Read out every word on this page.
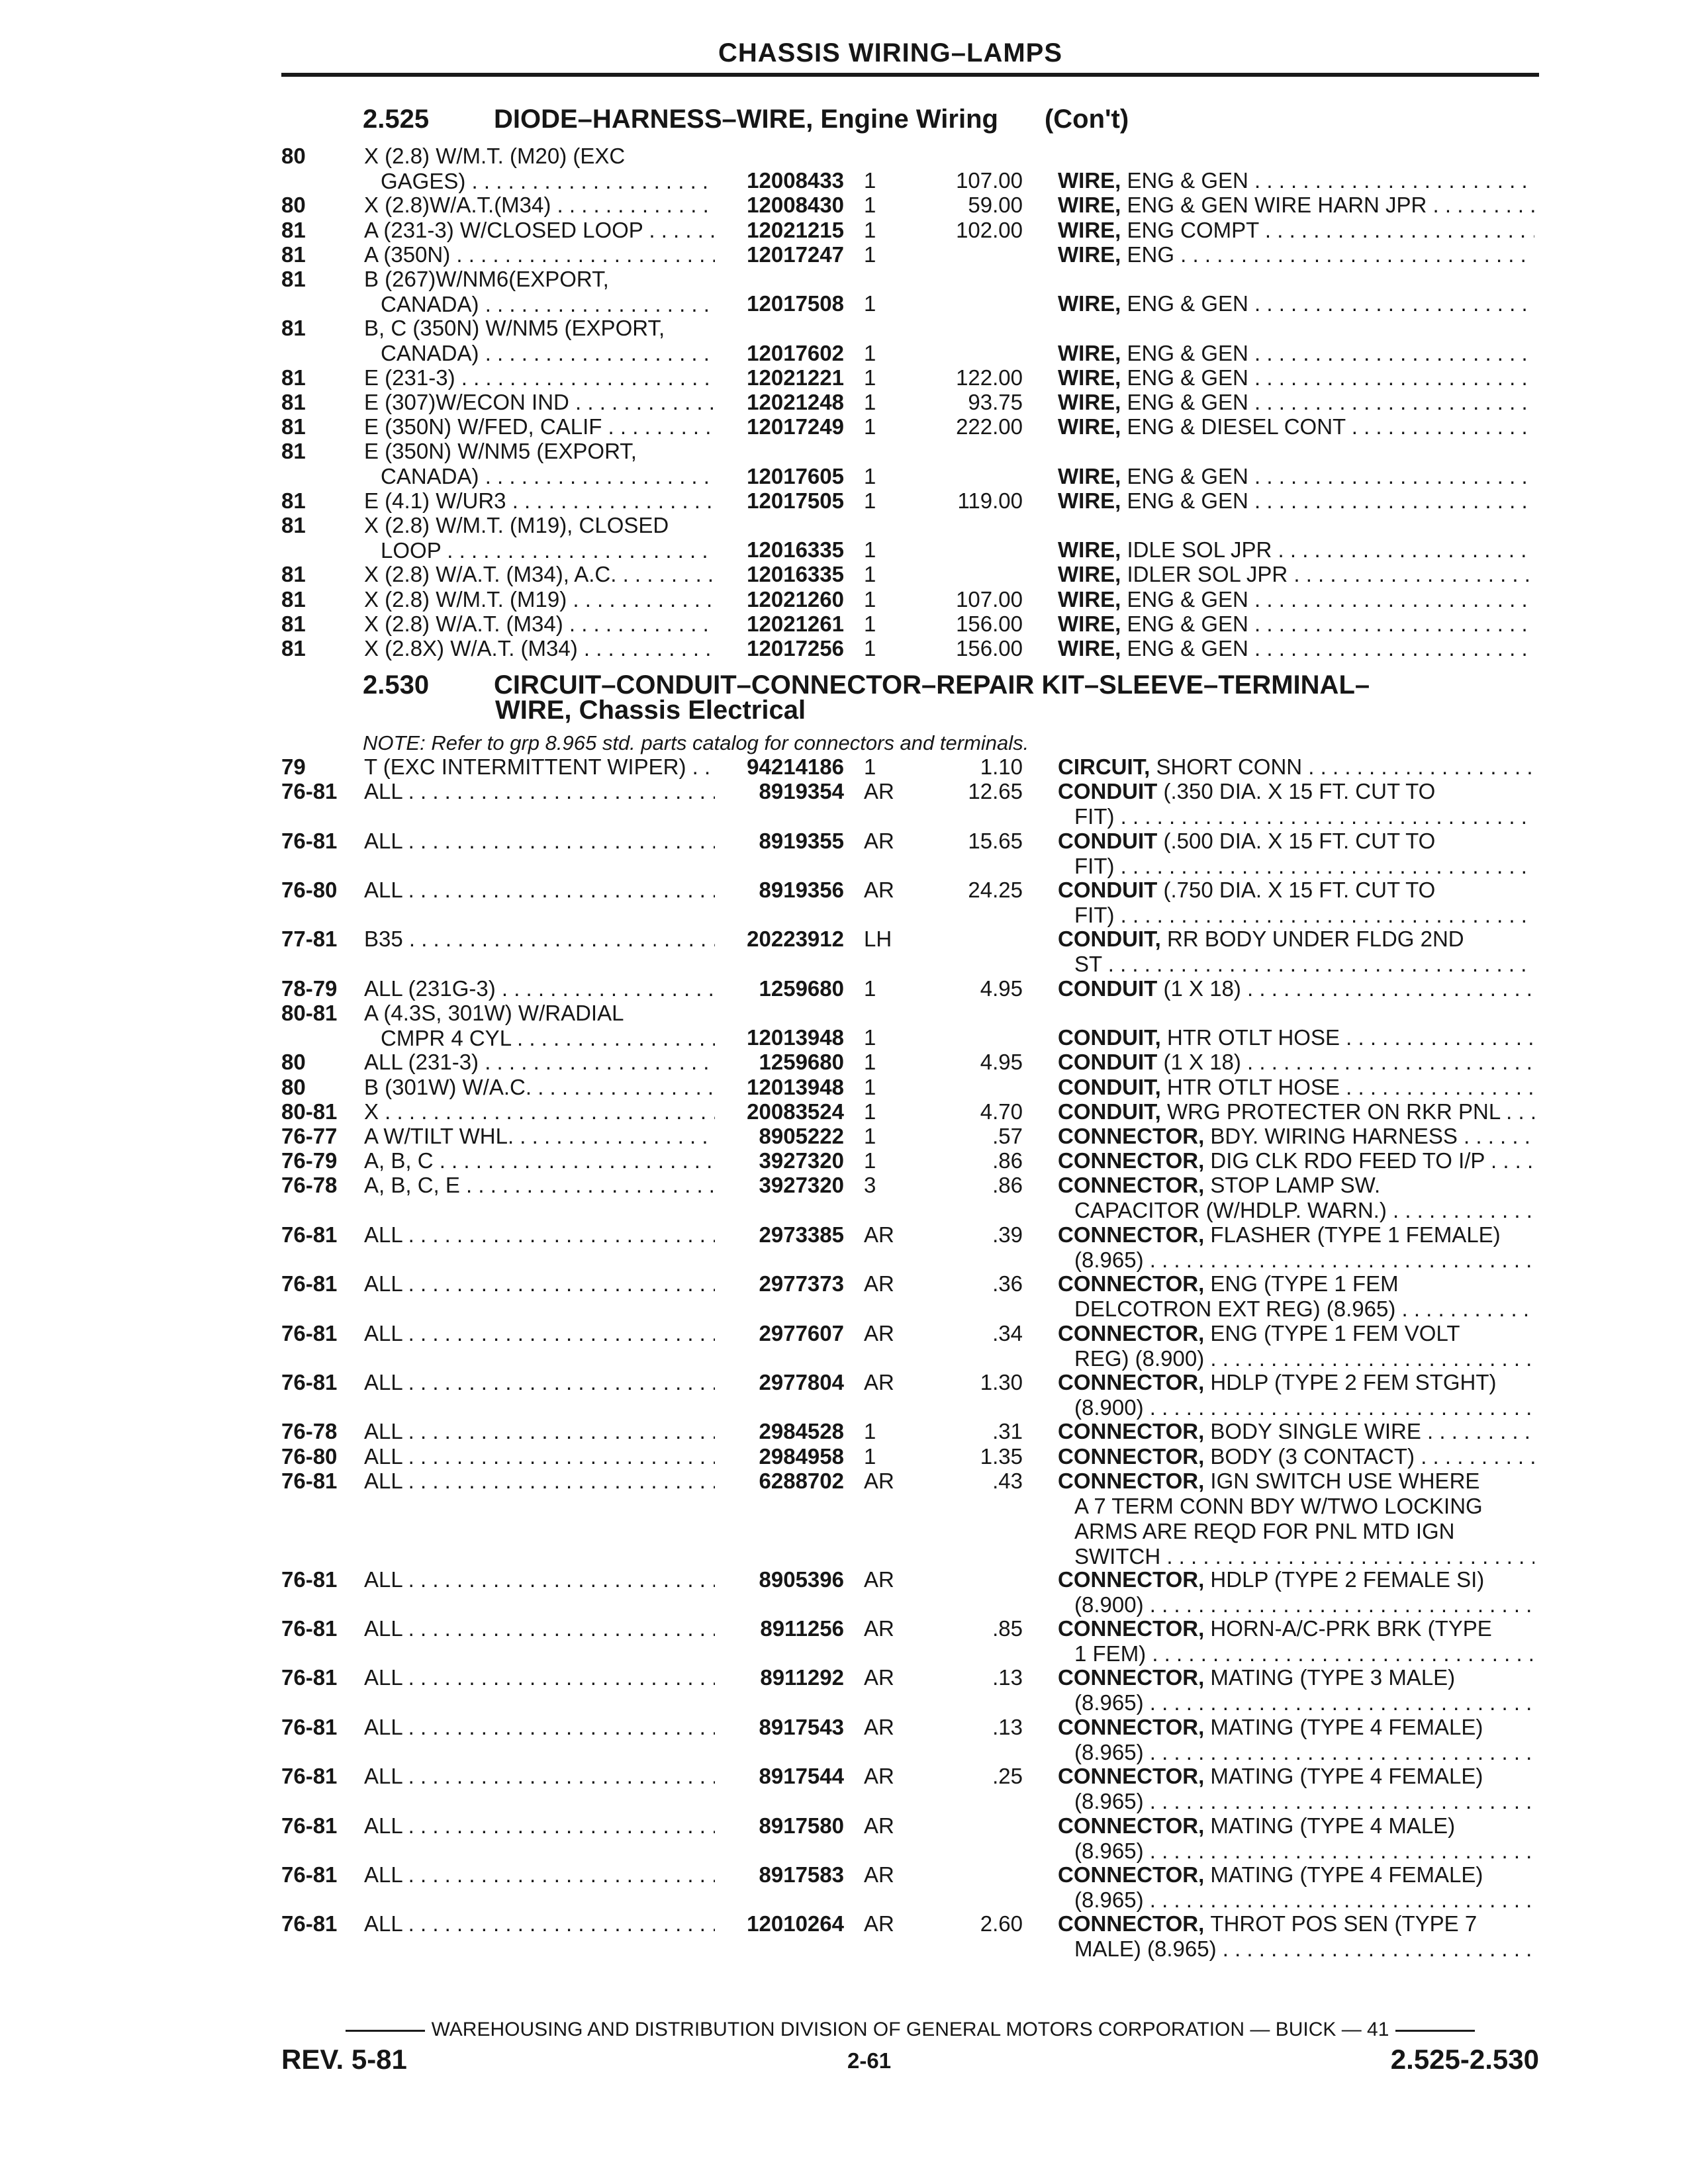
CHASSIS WIRING–LAMPS
2.525 DIODE–HARNESS–WIRE, Engine Wiring (Con't)
80	X (2.8) W/M.T. (M20) (EXC
GAGES) . . .	12008433 1	107.00 WIRE, ENG & GEN . . .
80	X (2.8)W/A.T.(M34) . . .	12008430 1	59.00 WIRE, ENG & GEN WIRE HARN JPR . . .
81	A (231-3) W/CLOSED LOOP . . .	12021215 1	102.00 WIRE, ENG COMPT . . .
81	A (350N) . . .	12017247 1	WIRE, ENG . . .
81	B (267)W/NM6(EXPORT,
CANADA) . . .	12017508 1	WIRE, ENG & GEN . . .
81	B, C (350N) W/NM5 (EXPORT,
CANADA) . . .	12017602 1	WIRE, ENG & GEN . . .
81	E (231-3) . . .	12021221 1	122.00 WIRE, ENG & GEN . . .
81	E (307)W/ECON IND . . .	12021248 1	93.75 WIRE, ENG & GEN . . .
81	E (350N) W/FED, CALIF . . .	12017249 1	222.00 WIRE, ENG & DIESEL CONT . . .
81	E (350N) W/NM5 (EXPORT,
CANADA) . . .	12017605 1	WIRE, ENG & GEN . . .
81	E (4.1) W/UR3 . . .	12017505 1	119.00 WIRE, ENG & GEN . . .
81	X (2.8) W/M.T. (M19), CLOSED
LOOP . . .	12016335 1	WIRE, IDLE SOL JPR . . .
81	X (2.8) W/A.T. (M34), A.C. . . .	12016335 1	WIRE, IDLER SOL JPR . . .
81	X (2.8) W/M.T. (M19) . . .	12021260 1	107.00 WIRE, ENG & GEN . . .
81	X (2.8) W/A.T. (M34) . . .	12021261 1	156.00 WIRE, ENG & GEN . . .
81	X (2.8X) W/A.T. (M34) . . .	12017256 1	156.00 WIRE, ENG & GEN . . .
2.530 CIRCUIT–CONDUIT–CONNECTOR–REPAIR KIT–SLEEVE–TERMINAL–
WIRE, Chassis Electrical
NOTE: Refer to grp 8.965 std. parts catalog for connectors and terminals.
79	T (EXC INTERMITTENT WIPER) . . .	94214186 1	1.10 CIRCUIT, SHORT CONN . . .
76-81 ALL . . .	8919354 AR	12.65 CONDUIT (.350 DIA. X 15 FT. CUT TO
FIT) . . .
76-81 ALL . . .	8919355 AR	15.65 CONDUIT (.500 DIA. X 15 FT. CUT TO
FIT) . . .
76-80 ALL . . .	8919356 AR	24.25 CONDUIT (.750 DIA. X 15 FT. CUT TO
FIT) . . .
77-81 B35 . . .	20223912 LH	CONDUIT, RR BODY UNDER FLDG 2ND
ST . . .
78-79 ALL (231G-3) . . .	1259680 1	4.95 CONDUIT (1 X 18) . . .
80-81 A (4.3S, 301W) W/RADIAL
CMPR 4 CYL . . .	12013948 1	CONDUIT, HTR OTLT HOSE . . .
80	ALL (231-3) . . .	1259680 1	4.95 CONDUIT (1 X 18) . . .
80	B (301W) W/A.C. . . .	12013948 1	CONDUIT, HTR OTLT HOSE . . .
80-81 X . . .	20083524 1	4.70 CONDUIT, WRG PROTECTER ON RKR PNL . . .
76-77 A W/TILT WHL. . . .	8905222 1	.57 CONNECTOR, BDY. WIRING HARNESS . . .
76-79 A, B, C . . .	3927320 1	.86 CONNECTOR, DIG CLK RDO FEED TO I/P . . .
76-78 A, B, C, E . . .	3927320 3	.86 CONNECTOR, STOP LAMP SW.
CAPACITOR (W/HDLP. WARN.) . . .
76-81 ALL . . .	2973385 AR	.39 CONNECTOR, FLASHER (TYPE 1 FEMALE)
(8.965) . . .
76-81 ALL . . .	2977373 AR	.36 CONNECTOR, ENG (TYPE 1 FEM
DELCOTRON EXT REG) (8.965) . . .
76-81 ALL . . .	2977607 AR	.34 CONNECTOR, ENG (TYPE 1 FEM VOLT
REG) (8.900) . . .
76-81 ALL . . .	2977804 AR	1.30 CONNECTOR, HDLP (TYPE 2 FEM STGHT)
(8.900) . . .
76-78 ALL . . .	2984528 1	.31 CONNECTOR, BODY SINGLE WIRE . . .
76-80 ALL . . .	2984958 1	1.35 CONNECTOR, BODY (3 CONTACT) . . .
76-81 ALL . . .	6288702 AR	.43 CONNECTOR, IGN SWITCH USE WHERE
A 7 TERM CONN BDY W/TWO LOCKING
ARMS ARE REQD FOR PNL MTD IGN
SWITCH . . .
76-81 ALL . . .	8905396 AR	CONNECTOR, HDLP (TYPE 2 FEMALE SI)
(8.900) . . .
76-81 ALL . . .	8911256 AR	.85 CONNECTOR, HORN-A/C-PRK BRK (TYPE
1 FEM) . . .
76-81 ALL . . .	8911292 AR	.13 CONNECTOR, MATING (TYPE 3 MALE)
(8.965) . . .
76-81 ALL . . .	8917543 AR	.13 CONNECTOR, MATING (TYPE 4 FEMALE)
(8.965) . . .
76-81 ALL . . .	8917544 AR	.25 CONNECTOR, MATING (TYPE 4 FEMALE)
(8.965) . . .
76-81 ALL . . .	8917580 AR	CONNECTOR, MATING (TYPE 4 MALE)
(8.965) . . .
76-81 ALL . . .	8917583 AR	CONNECTOR, MATING (TYPE 4 FEMALE)
(8.965) . . .
76-81 ALL . . .	12010264 AR	2.60 CONNECTOR, THROT POS SEN (TYPE 7
MALE) (8.965) . . .
WAREHOUSING AND DISTRIBUTION DIVISION OF GENERAL MOTORS CORPORATION — BUICK — 41
REV. 5-81	2-61	2.525-2.530
